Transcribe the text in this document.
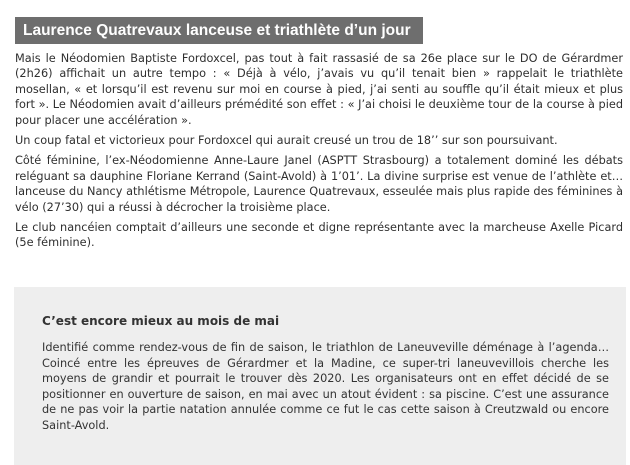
Laurence Quatrevaux lanceuse et triathlète d’un jour

Mais le Néodomien Baptiste Fordoxcel, pas tout à fait rassasié de sa 26e place sur le DO de Gérardmer (2h26) affichait un autre tempo : « Déjà à vélo, j’avais vu qu’il tenait bien » rappelait le triathlète mosellan, « et lorsqu’il est revenu sur moi en course à pied, j’ai senti au souffle qu’il était mieux et plus fort ». Le Néodomien avait d’ailleurs prémédité son effet : « J’ai choisi le deuxième tour de la course à pied pour placer une accélération ».

Un coup fatal et victorieux pour Fordoxcel qui aurait creusé un trou de 18’’ sur son poursuivant.

Côté féminine, l’ex-Néodomienne Anne-Laure Janel (ASPTT Strasbourg) a totalement dominé les débats reléguant sa dauphine Floriane Kerrand (Saint-Avold) à 1’01’. La divine surprise est venue de l’athlète et… lanceuse du Nancy athlétisme Métropole, Laurence Quatrevaux, esseulée mais plus rapide des féminines à vélo (27’30) qui a réussi à décrocher la troisième place.

Le club nancéien comptait d’ailleurs une seconde et digne représentante avec la marcheuse Axelle Picard (5e féminine).

C’est encore mieux au mois de mai

Identifié comme rendez-vous de fin de saison, le triathlon de Laneuveville déménage à l’agenda… Coincé entre les épreuves de Gérardmer et la Madine, ce super-tri laneuvevillois cherche les moyens de grandir et pourrait le trouver dès 2020. Les organisateurs ont en effet décidé de se positionner en ouverture de saison, en mai avec un atout évident : sa piscine. C’est une assurance de ne pas voir la partie natation annulée comme ce fut le cas cette saison à Creutzwald ou encore Saint-Avold.
